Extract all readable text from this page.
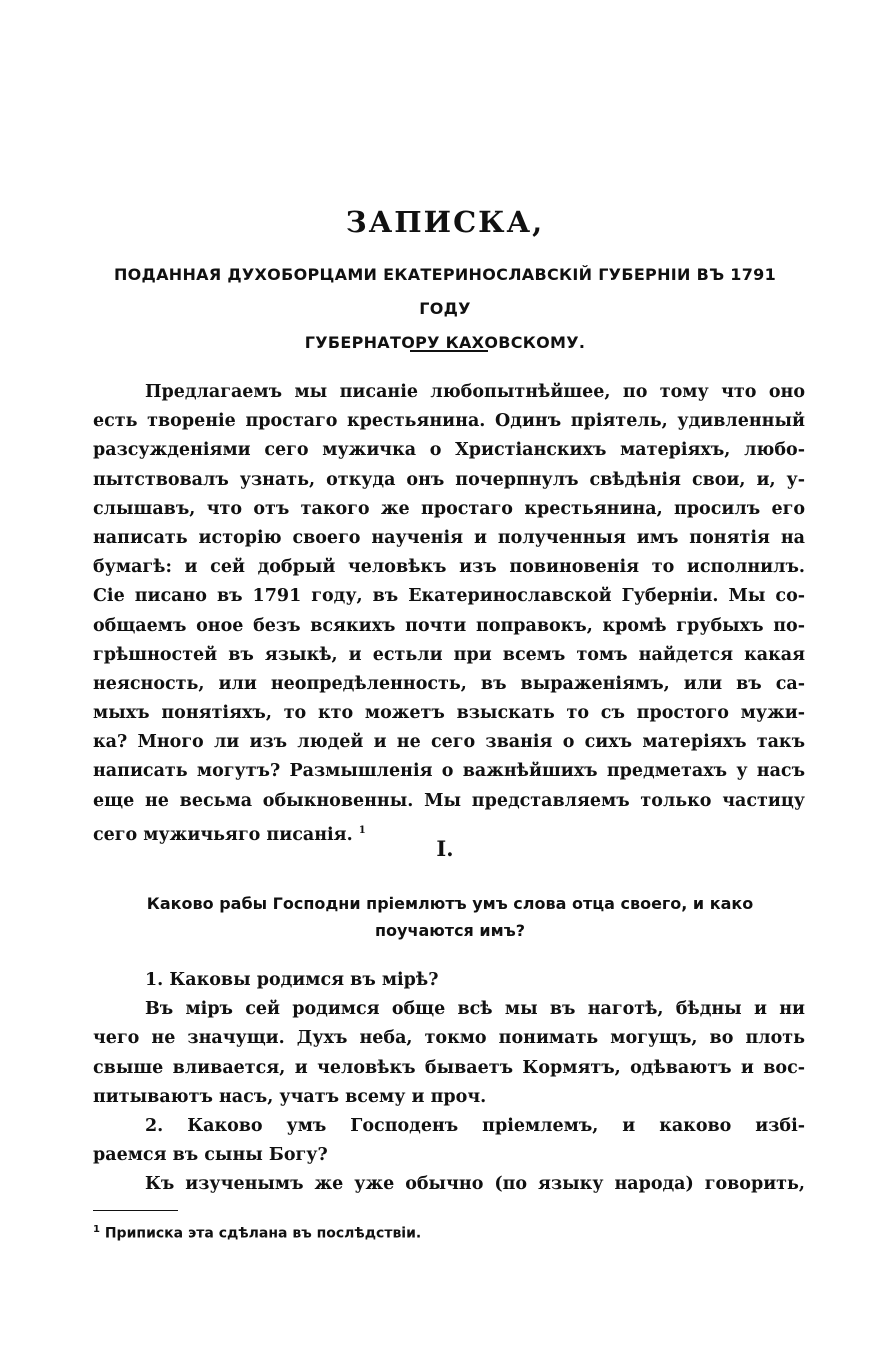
ЗАПИСКА,
ПОДАННАЯ ДУХОБОРЦАМИ ЕКАТЕРИНОСЛАВСКІЙ ГУБЕРНІИ ВЪ 1791 ГОДУ
ГУБЕРНАТОРУ КАХОВСКОМУ.
Предлагаемъ мы писаніе любопытнѣйшее, по тому что оно
есть твореніе простаго крестьянина. Одинъ пріятель, удивленный
разсужденіями сего мужичка о Христіанскихъ матеріяхъ, любо-
пытствовалъ узнать, откуда онъ почерпнулъ свѣдѣнія свои, и, у-
слышавъ, что отъ такого же простаго крестьянина, просилъ его
написать исторію своего наученія и полученныя имъ понятія на
бумагѣ: и сей добрый человѣкъ изъ повиновенія то исполнилъ.
Сіе писано въ 1791 году, въ Екатеринославской Губерніи. Мы со-
общаемъ оное безъ всякихъ почти поправокъ, кромѣ грубыхъ по-
грѣшностей въ языкѣ, и естьли при всемъ томъ найдется какая
неясность, или неопредѣленность, въ выраженіямъ, или въ са-
мыхъ понятіяхъ, то кто можетъ взыскать то съ простого мужи-
ка? Много ли изъ людей и не сего званія о сихъ матеріяхъ такъ
написать могутъ? Размышленія о важнѣйшихъ предметахъ у насъ
еще не весьма обыкновенны. Мы представляемъ только частицу
сего мужичьяго писанія. $^1$
I.
Каково рабы Господни пріемлютъ умъ слова отца своего, и како
поучаются имъ?
1. Каковы родимся въ мірѣ?
Въ міръ сей родимся обще всѣ мы въ наготѣ, бѣдны и ни
чего не значущи. Духъ неба, токмо понимать могущъ, во плоть
свыше вливается, и человѣкъ бываетъ Кормятъ, одѣваютъ и вос-
питываютъ насъ, учатъ всему и проч.
2. Каково умъ Господенъ пріемлемъ, и каково избі-
раемся въ сыны Богу?
Къ изученымъ же уже обычно (по языку народа) говорить,
$^1$ Приписка эта сдѣлана въ послѣдствіи.
